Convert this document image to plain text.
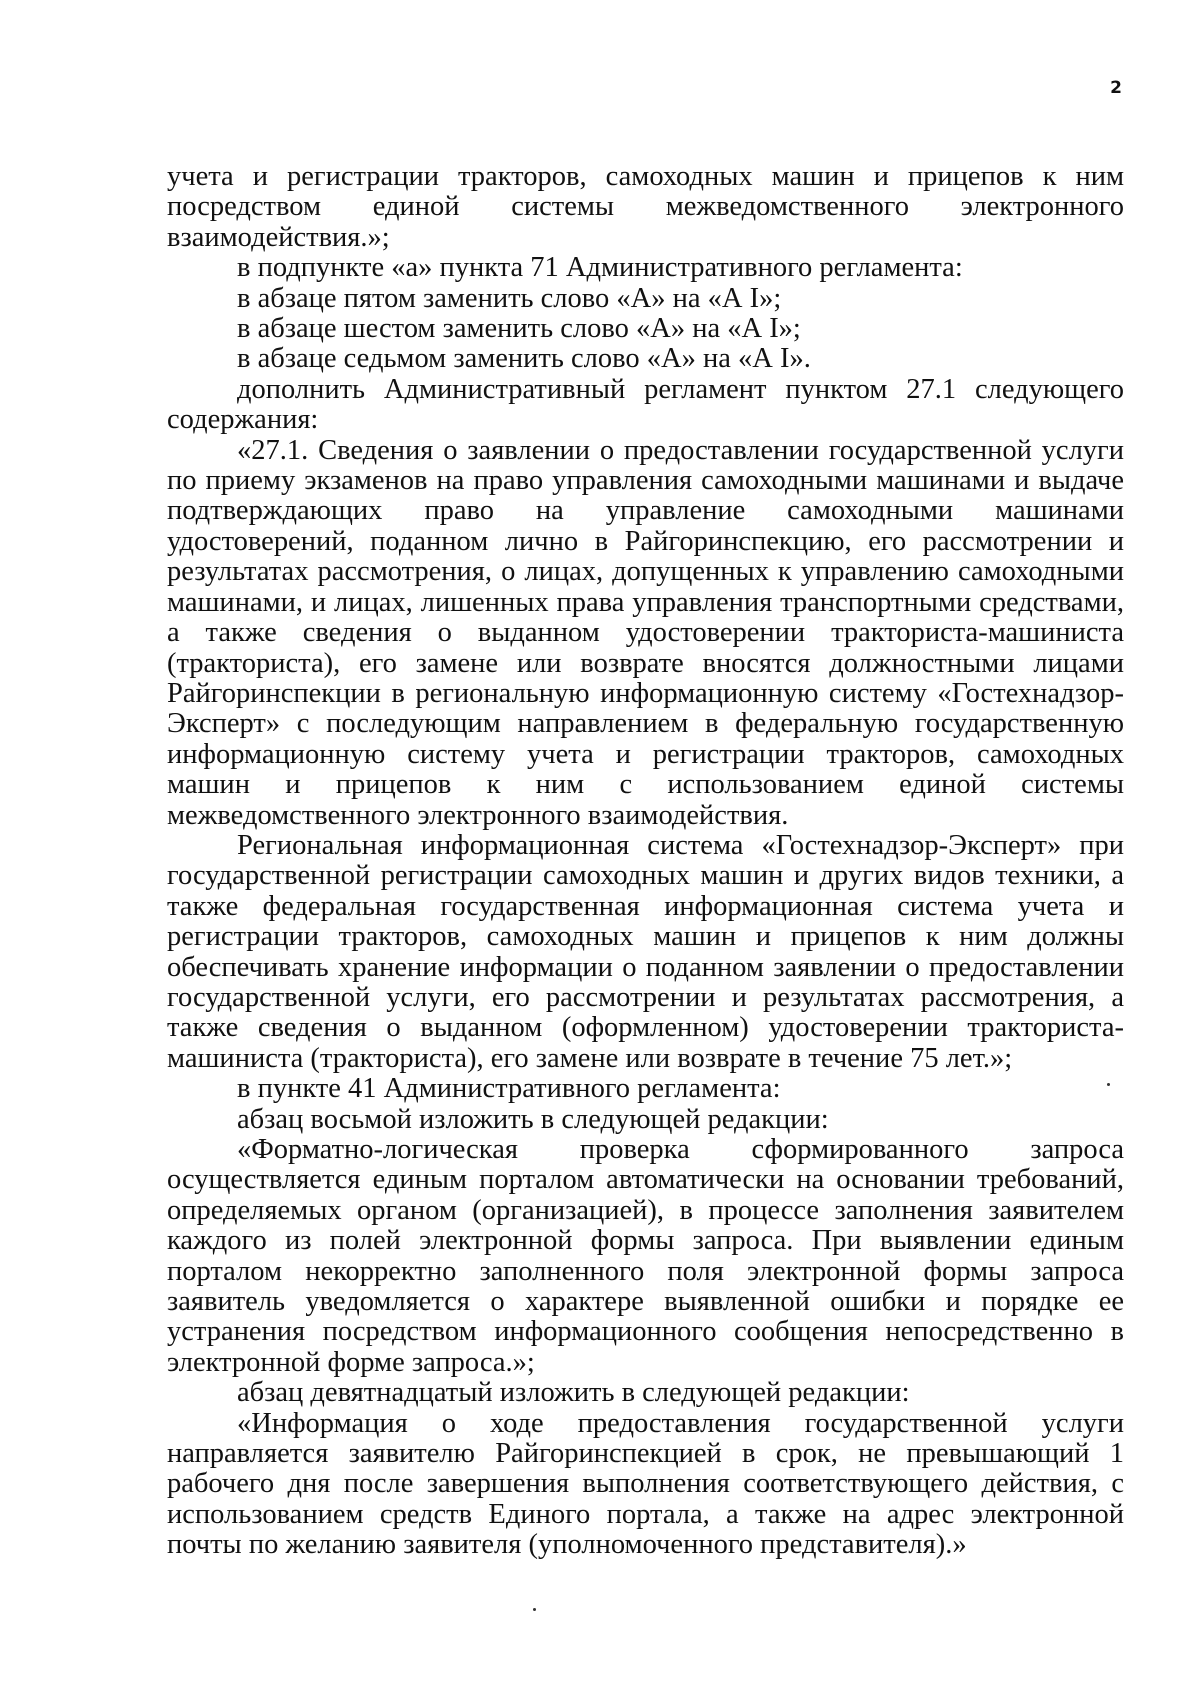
2

учета и регистрации тракторов, самоходных машин и прицепов к ним посредством единой системы межведомственного электронного взаимодействия.»;

в подпункте «а» пункта 71 Административного регламента:

в абзаце пятом заменить слово «А» на «А I»;

в абзаце шестом заменить слово «А» на «А I»;

в абзаце седьмом заменить слово «А» на «А I».

дополнить Административный регламент пунктом 27.1 следующего содержания:

«27.1. Сведения о заявлении о предоставлении государственной услуги по приему экзаменов на право управления самоходными машинами и выдаче подтверждающих право на управление самоходными машинами удостоверений, поданном лично в Райгоринспекцию, его рассмотрении и результатах рассмотрения, о лицах, допущенных к управлению самоходными машинами, и лицах, лишенных права управления транспортными средствами, а также сведения о выданном удостоверении тракториста-машиниста (тракториста), его замене или возврате вносятся должностными лицами Райгоринспекции в региональную информационную систему «Гостехнадзор-Эксперт» с последующим направлением в федеральную государственную информационную систему учета и регистрации тракторов, самоходных машин и прицепов к ним с использованием единой системы межведомственного электронного взаимодействия.

Региональная информационная система «Гостехнадзор-Эксперт» при государственной регистрации самоходных машин и других видов техники, а также федеральная государственная информационная система учета и регистрации тракторов, самоходных машин и прицепов к ним должны обеспечивать хранение информации о поданном заявлении о предоставлении государственной услуги, его рассмотрении и результатах рассмотрения, а также сведения о выданном (оформленном) удостоверении тракториста-машиниста (тракториста), его замене или возврате в течение 75 лет.»;

в пункте 41 Административного регламента:

абзац восьмой изложить в следующей редакции:

«Форматно-логическая проверка сформированного запроса осуществляется единым порталом автоматически на основании требований, определяемых органом (организацией), в процессе заполнения заявителем каждого из полей электронной формы запроса. При выявлении единым порталом некорректно заполненного поля электронной формы запроса заявитель уведомляется о характере выявленной ошибки и порядке ее устранения посредством информационного сообщения непосредственно в электронной форме запроса.»;

абзац девятнадцатый изложить в следующей редакции:

«Информация о ходе предоставления государственной услуги направляется заявителю Райгоринспекцией в срок, не превышающий 1 рабочего дня после завершения выполнения соответствующего действия, с использованием средств Единого портала, а также на адрес электронной почты по желанию заявителя (уполномоченного представителя).»
